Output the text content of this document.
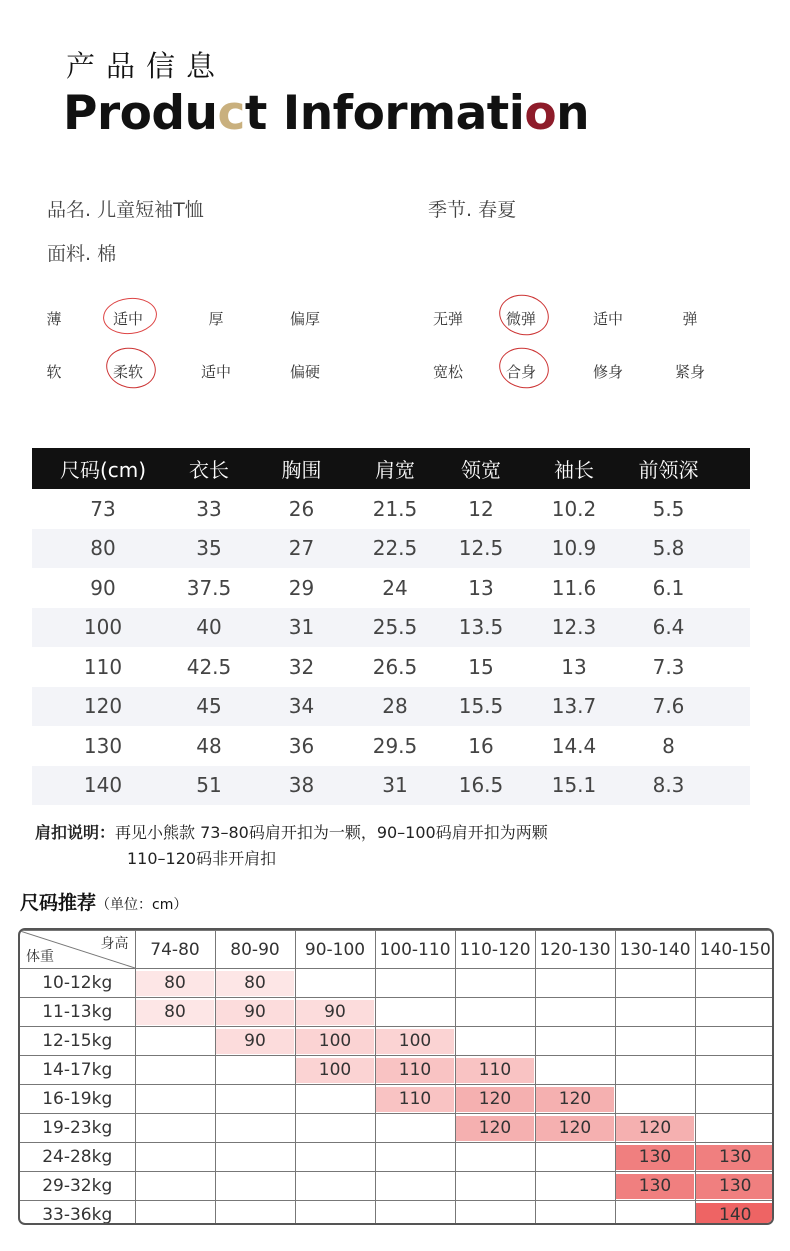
产品信息
Product Information
品名. 儿童短袖T恤	季节. 春夏
面料. 棉
薄	适中	厚	偏厚	无弹	微弹	适中	弹
软	柔软	适中	偏硬	宽松	合身	修身	紧身
尺码(cm)	衣长	胸围	肩宽	领宽	袖长	前领深
73	33	26	21.5	12	10.2	5.5
80	35	27	22.5	12.5	10.9	5.8
90	37.5	29	24	13	11.6	6.1
100	40	31	25.5	13.5	12.3	6.4
110	42.5	32	26.5	15	13	7.3
120	45	34	28	15.5	13.7	7.6
130	48	36	29.5	16	14.4	8
140	51	38	31	16.5	15.1	8.3
肩扣说明：再见小熊款 73–80码肩开扣为一颗，90–100码肩开扣为两颗
110–120码非开肩扣
尺码推荐（单位：cm）
身高
体重	74-80	80-90	90-100	100-110	110-120	120-130	130-140	140-150
10-12kg	80	80						
11-13kg	80	90	90					
12-15kg		90	100	100				
14-17kg			100	110	110			
16-19kg				110	120	120		
19-23kg					120	120	120	
24-28kg							130	130
29-32kg							130	130
33-36kg								140
